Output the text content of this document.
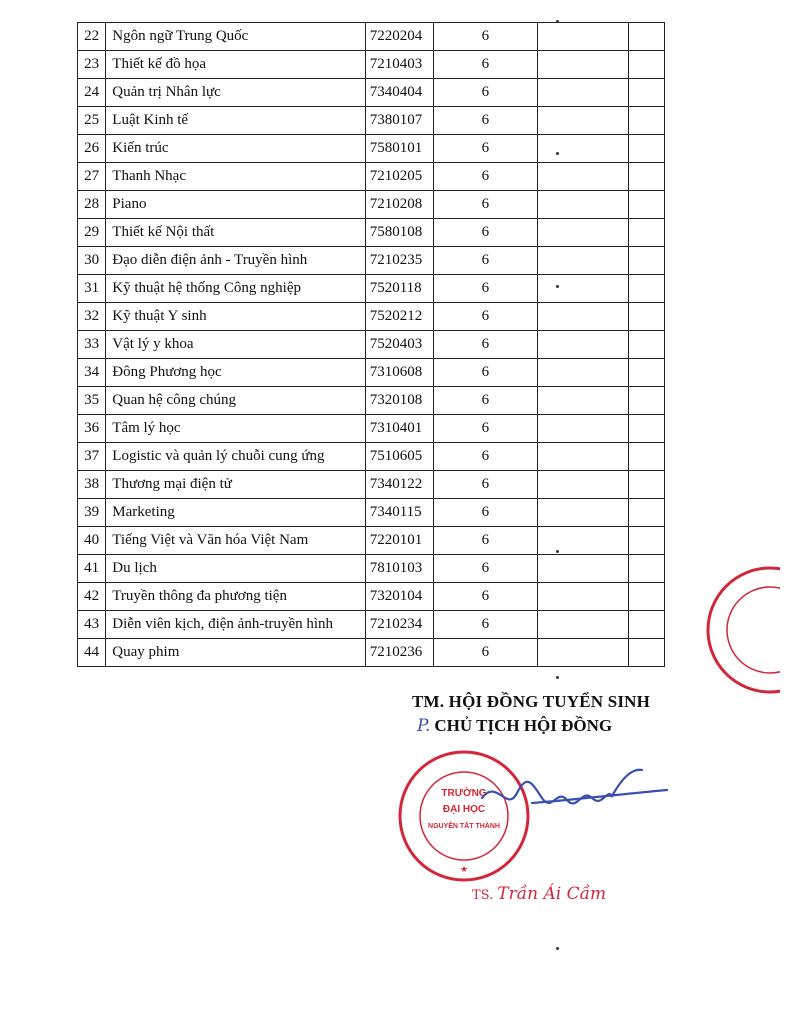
22	Ngôn ngữ Trung Quốc	7220204	6		
23	Thiết kế đồ họa	7210403	6		
24	Quản trị Nhân lực	7340404	6		
25	Luật Kinh tế	7380107	6		
26	Kiến trúc	7580101	6		
27	Thanh Nhạc	7210205	6		
28	Piano	7210208	6		
29	Thiết kế Nội thất	7580108	6		
30	Đạo diễn điện ảnh - Truyền hình	7210235	6		
31	Kỹ thuật hệ thống Công nghiệp	7520118	6		
32	Kỹ thuật Y sinh	7520212	6		
33	Vật lý y khoa	7520403	6		
34	Đông Phương học	7310608	6		
35	Quan hệ công chúng	7320108	6		
36	Tâm lý học	7310401	6		
37	Logistic và quản lý chuỗi cung ứng	7510605	6		
38	Thương mại điện tử	7340122	6		
39	Marketing	7340115	6		
40	Tiếng Việt và Văn hóa Việt Nam	7220101	6		
41	Du lịch	7810103	6		
42	Truyền thông đa phương tiện	7320104	6		
43	Diễn viên kịch, điện ảnh-truyền hình	7210234	6		
44	Quay phim	7210236	6		
TM. HỘI ĐỒNG TUYỂN SINH
P. CHỦ TỊCH HỘI ĐỒNG
TRƯỜNG
ĐẠI HỌC
NGUYỄN TẤT THÀNH
★
TS. Trần Ái Cầm
